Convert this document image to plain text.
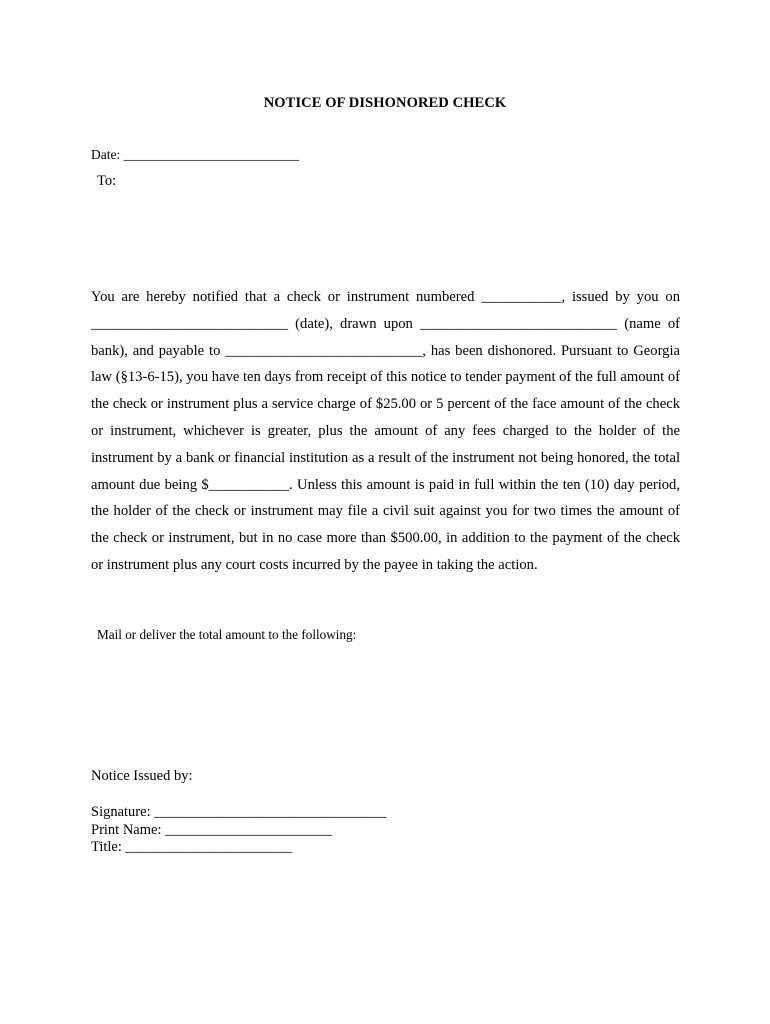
NOTICE OF DISHONORED CHECK
Date: __________________________
To:

You are hereby notified that a check or instrument numbered ___________, issued by you on ___________________________ (date), drawn upon ___________________________ (name of bank), and payable to ___________________________, has been dishonored. Pursuant to Georgia law (§13-6-15), you have ten days from receipt of this notice to tender payment of the full amount of the check or instrument plus a service charge of $25.00 or 5 percent of the face amount of the check or instrument, whichever is greater, plus the amount of any fees charged to the holder of the instrument by a bank or financial institution as a result of the instrument not being honored, the total amount due being $___________. Unless this amount is paid in full within the ten (10) day period, the holder of the check or instrument may file a civil suit against you for two times the amount of the check or instrument, but in no case more than $500.00, in addition to the payment of the check or instrument plus any court costs incurred by the payee in taking the action.

Mail or deliver the total amount to the following:
Notice Issued by:
Signature: ________________________________
Print Name: _______________________
Title: _______________________
